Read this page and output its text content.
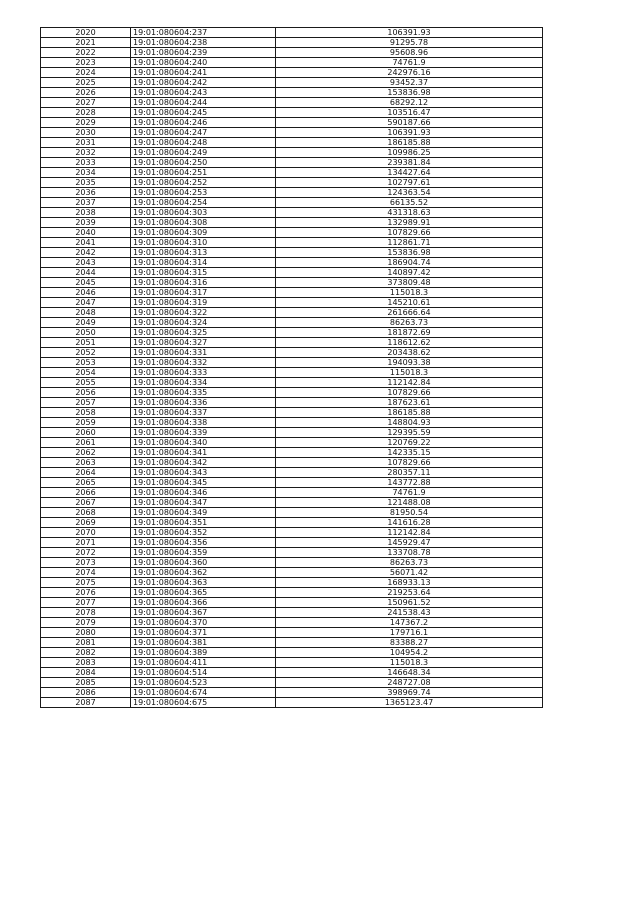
2020	19:01:080604:237	106391.93
2021	19:01:080604:238	91295.78
2022	19:01:080604:239	95608.96
2023	19:01:080604:240	74761.9
2024	19:01:080604:241	242976.16
2025	19:01:080604:242	93452.37
2026	19:01:080604:243	153836.98
2027	19:01:080604:244	68292.12
2028	19:01:080604:245	103516.47
2029	19:01:080604:246	590187.66
2030	19:01:080604:247	106391.93
2031	19:01:080604:248	186185.88
2032	19:01:080604:249	109986.25
2033	19:01:080604:250	239381.84
2034	19:01:080604:251	134427.64
2035	19:01:080604:252	102797.61
2036	19:01:080604:253	124363.54
2037	19:01:080604:254	66135.52
2038	19:01:080604:303	431318.63
2039	19:01:080604:308	132989.91
2040	19:01:080604:309	107829.66
2041	19:01:080604:310	112861.71
2042	19:01:080604:313	153836.98
2043	19:01:080604:314	186904.74
2044	19:01:080604:315	140897.42
2045	19:01:080604:316	373809.48
2046	19:01:080604:317	115018.3
2047	19:01:080604:319	145210.61
2048	19:01:080604:322	261666.64
2049	19:01:080604:324	86263.73
2050	19:01:080604:325	181872.69
2051	19:01:080604:327	118612.62
2052	19:01:080604:331	203438.62
2053	19:01:080604:332	194093.38
2054	19:01:080604:333	115018.3
2055	19:01:080604:334	112142.84
2056	19:01:080604:335	107829.66
2057	19:01:080604:336	187623.61
2058	19:01:080604:337	186185.88
2059	19:01:080604:338	148804.93
2060	19:01:080604:339	129395.59
2061	19:01:080604:340	120769.22
2062	19:01:080604:341	142335.15
2063	19:01:080604:342	107829.66
2064	19:01:080604:343	280357.11
2065	19:01:080604:345	143772.88
2066	19:01:080604:346	74761.9
2067	19:01:080604:347	121488.08
2068	19:01:080604:349	81950.54
2069	19:01:080604:351	141616.28
2070	19:01:080604:352	112142.84
2071	19:01:080604:356	145929.47
2072	19:01:080604:359	133708.78
2073	19:01:080604:360	86263.73
2074	19:01:080604:362	56071.42
2075	19:01:080604:363	168933.13
2076	19:01:080604:365	219253.64
2077	19:01:080604:366	150961.52
2078	19:01:080604:367	241538.43
2079	19:01:080604:370	147367.2
2080	19:01:080604:371	179716.1
2081	19:01:080604:381	83388.27
2082	19:01:080604:389	104954.2
2083	19:01:080604:411	115018.3
2084	19:01:080604:514	146648.34
2085	19:01:080604:523	248727.08
2086	19:01:080604:674	398969.74
2087	19:01:080604:675	1365123.47
